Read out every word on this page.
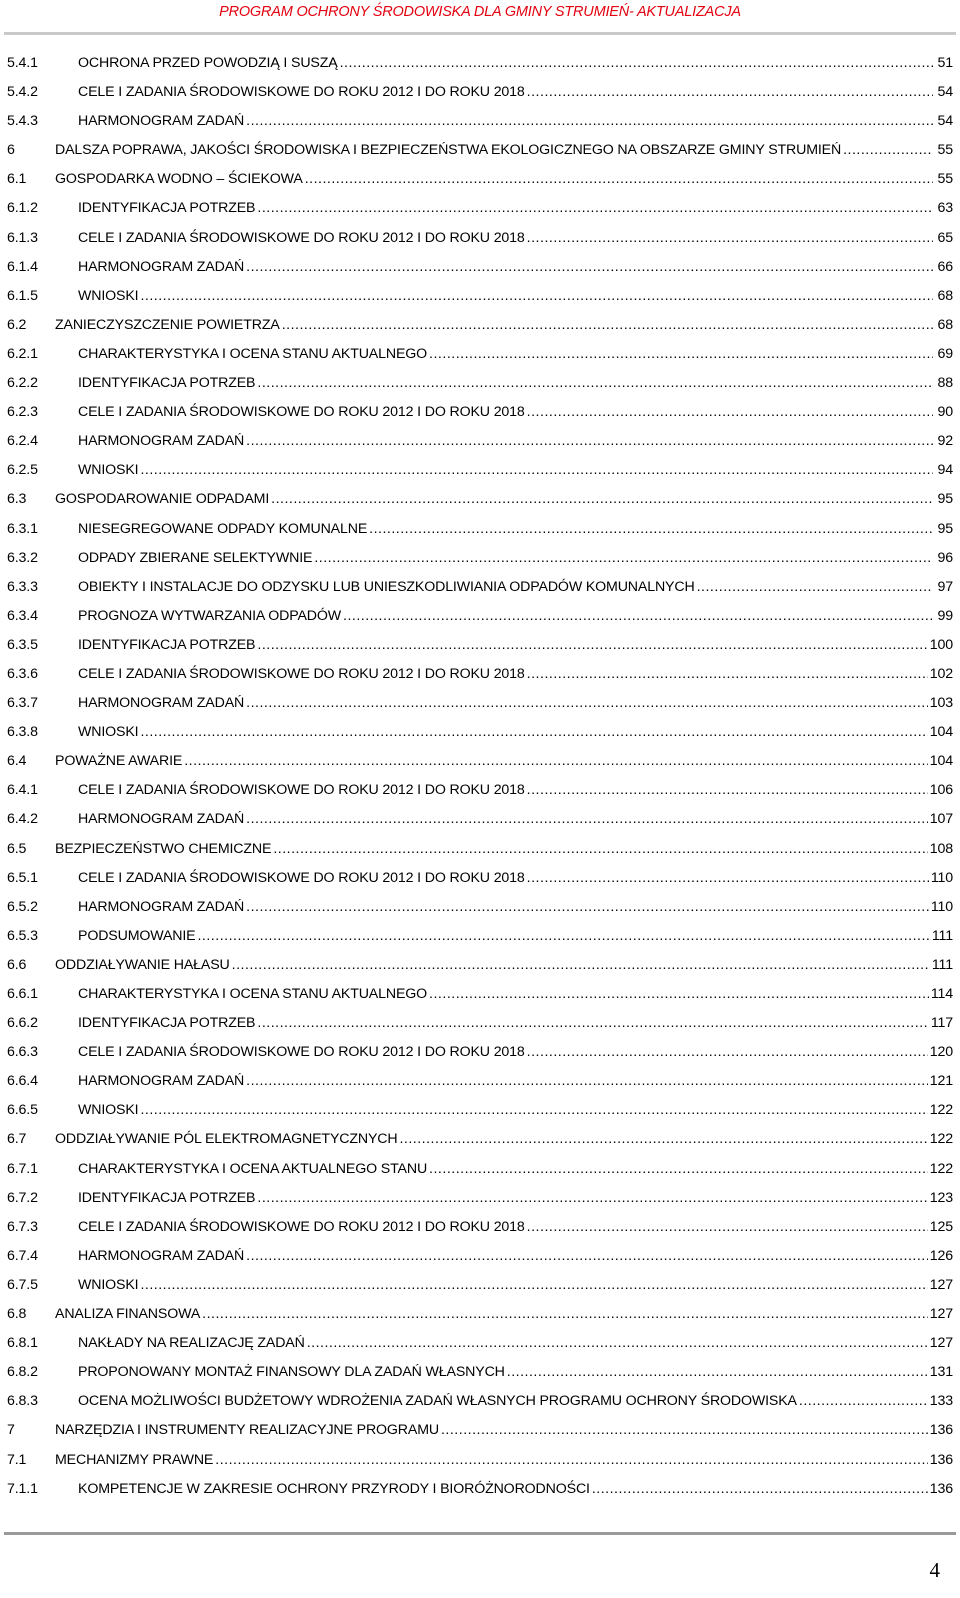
PROGRAM OCHRONY ŚRODOWISKA DLA GMINY STRUMIEŃ- AKTUALIZACJA
5.4.1	OCHRONA PRZED POWODZIĄ I SUSZĄ .....	51
5.4.2	CELE I ZADANIA ŚRODOWISKOWE DO ROKU 2012 I DO ROKU 2018 .....	54
5.4.3	HARMONOGRAM ZADAŃ .....	54
6	DALSZA POPRAWA, JAKOŚCI ŚRODOWISKA I BEZPIECZEŃSTWA EKOLOGICZNEGO NA OBSZARZE GMINY STRUMIEŃ .....	55
6.1	GOSPODARKA WODNO – ŚCIEKOWA .....	55
6.1.2	IDENTYFIKACJA POTRZEB .....	63
6.1.3	CELE I ZADANIA ŚRODOWISKOWE DO ROKU 2012 I DO ROKU 2018 .....	65
6.1.4	HARMONOGRAM ZADAŃ .....	66
6.1.5	WNIOSKI .....	68
6.2	ZANIECZYSZCZENIE POWIETRZA .....	68
6.2.1	CHARAKTERYSTYKA I OCENA STANU AKTUALNEGO .....	69
6.2.2	IDENTYFIKACJA POTRZEB .....	88
6.2.3	CELE I ZADANIA ŚRODOWISKOWE DO ROKU 2012 I DO ROKU 2018 .....	90
6.2.4	HARMONOGRAM ZADAŃ .....	92
6.2.5	WNIOSKI .....	94
6.3	GOSPODAROWANIE ODPADAMI .....	95
6.3.1	NIESEGREGOWANE ODPADY KOMUNALNE .....	95
6.3.2	ODPADY ZBIERANE SELEKTYWNIE .....	96
6.3.3	OBIEKTY I INSTALACJE DO ODZYSKU LUB UNIESZKODLIWIANIA ODPADÓW KOMUNALNYCH .....	97
6.3.4	PROGNOZA WYTWARZANIA ODPADÓW .....	99
6.3.5	IDENTYFIKACJA POTRZEB .....	100
6.3.6	CELE I ZADANIA ŚRODOWISKOWE DO ROKU 2012 I DO ROKU 2018 .....	102
6.3.7	HARMONOGRAM ZADAŃ .....	103
6.3.8	WNIOSKI .....	104
6.4	POWAŻNE AWARIE .....	104
6.4.1	CELE I ZADANIA ŚRODOWISKOWE DO ROKU 2012 I DO ROKU 2018 .....	106
6.4.2	HARMONOGRAM ZADAŃ .....	107
6.5	BEZPIECZEŃSTWO CHEMICZNE .....	108
6.5.1	CELE I ZADANIA ŚRODOWISKOWE DO ROKU 2012 I DO ROKU 2018 .....	110
6.5.2	HARMONOGRAM ZADAŃ .....	110
6.5.3	PODSUMOWANIE .....	111
6.6	ODDZIAŁYWANIE HAŁASU .....	111
6.6.1	CHARAKTERYSTYKA I OCENA STANU AKTUALNEGO .....	114
6.6.2	IDENTYFIKACJA POTRZEB .....	117
6.6.3	CELE I ZADANIA ŚRODOWISKOWE DO ROKU 2012 I DO ROKU 2018 .....	120
6.6.4	HARMONOGRAM ZADAŃ .....	121
6.6.5	WNIOSKI .....	122
6.7	ODDZIAŁYWANIE PÓL ELEKTROMAGNETYCZNYCH .....	122
6.7.1	CHARAKTERYSTYKA I OCENA AKTUALNEGO STANU .....	122
6.7.2	IDENTYFIKACJA POTRZEB .....	123
6.7.3	CELE I ZADANIA ŚRODOWISKOWE DO ROKU 2012 I DO ROKU 2018 .....	125
6.7.4	HARMONOGRAM ZADAŃ .....	126
6.7.5	WNIOSKI .....	127
6.8	ANALIZA FINANSOWA .....	127
6.8.1	NAKŁADY NA REALIZACJĘ ZADAŃ .....	127
6.8.2	PROPONOWANY MONTAŻ FINANSOWY DLA ZADAŃ WŁASNYCH .....	131
6.8.3	OCENA MOŻLIWOŚCI BUDŻETOWY WDROŻENIA ZADAŃ WŁASNYCH PROGRAMU OCHRONY ŚRODOWISKA .....	133
7	NARZĘDZIA I INSTRUMENTY REALIZACYJNE PROGRAMU .....	136
7.1	MECHANIZMY PRAWNE .....	136
7.1.1	KOMPETENCJE W ZAKRESIE OCHRONY PRZYRODY I BIORÓŻNORODNOŚCI .....	136
4
